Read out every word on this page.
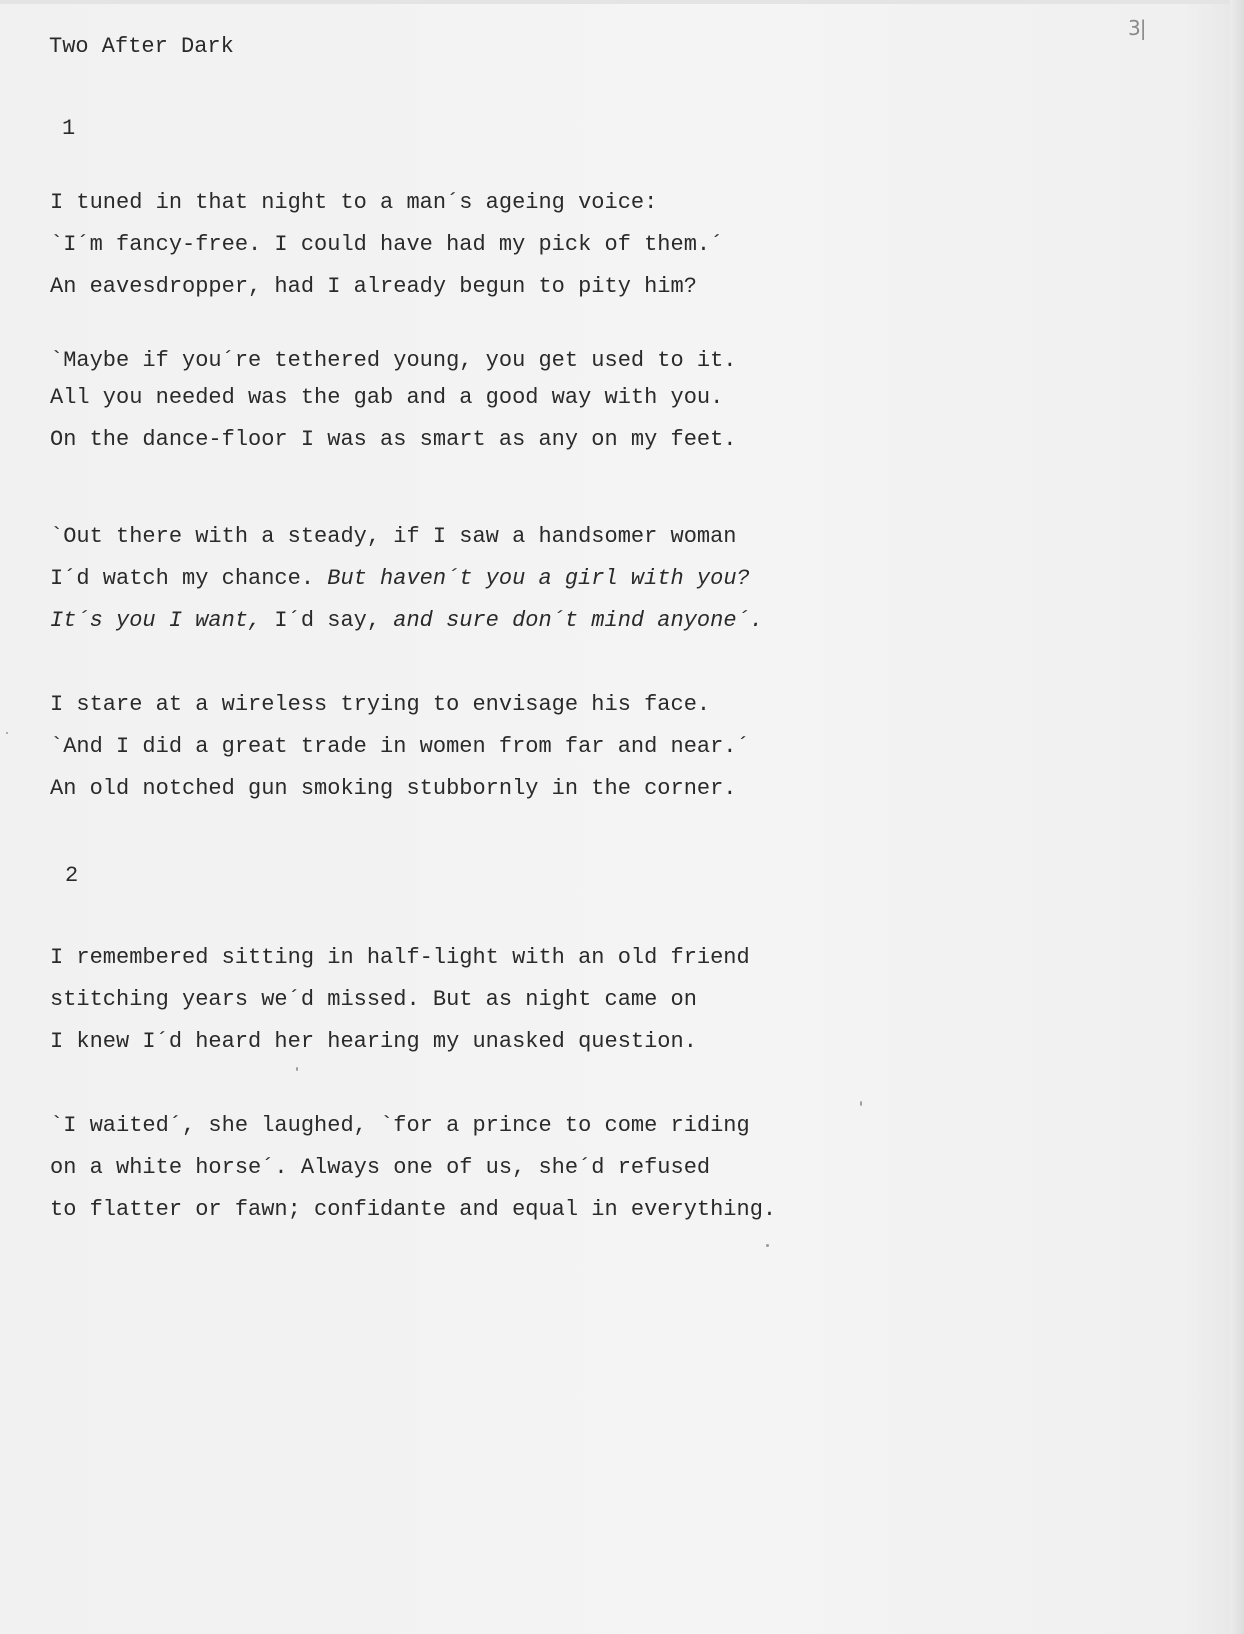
3|
Two After Dark
1
I tuned in that night to a man´s ageing voice:
`I´m fancy-free. I could have had my pick of them.´
An eavesdropper, had I already begun to pity him?
`Maybe if you´re tethered young, you get used to it.
All you needed was the gab and a good way with you.
On the dance-floor I was as smart as any on my feet.
`Out there with a steady, if I saw a handsomer woman
I´d watch my chance. But haven´t you a girl with you?
It´s you I want, I´d say, and sure don´t mind anyone´.
I stare at a wireless trying to envisage his face.
`And I did a great trade in women from far and near.´
An old notched gun smoking stubbornly in the corner.
2
I remembered sitting in half-light with an old friend
stitching years we´d missed. But as night came on
I knew I´d heard her hearing my unasked question.
`I waited´, she laughed, `for a prince to come riding
on a white horse´. Always one of us, she´d refused
to flatter or fawn; confidante and equal in everything.
